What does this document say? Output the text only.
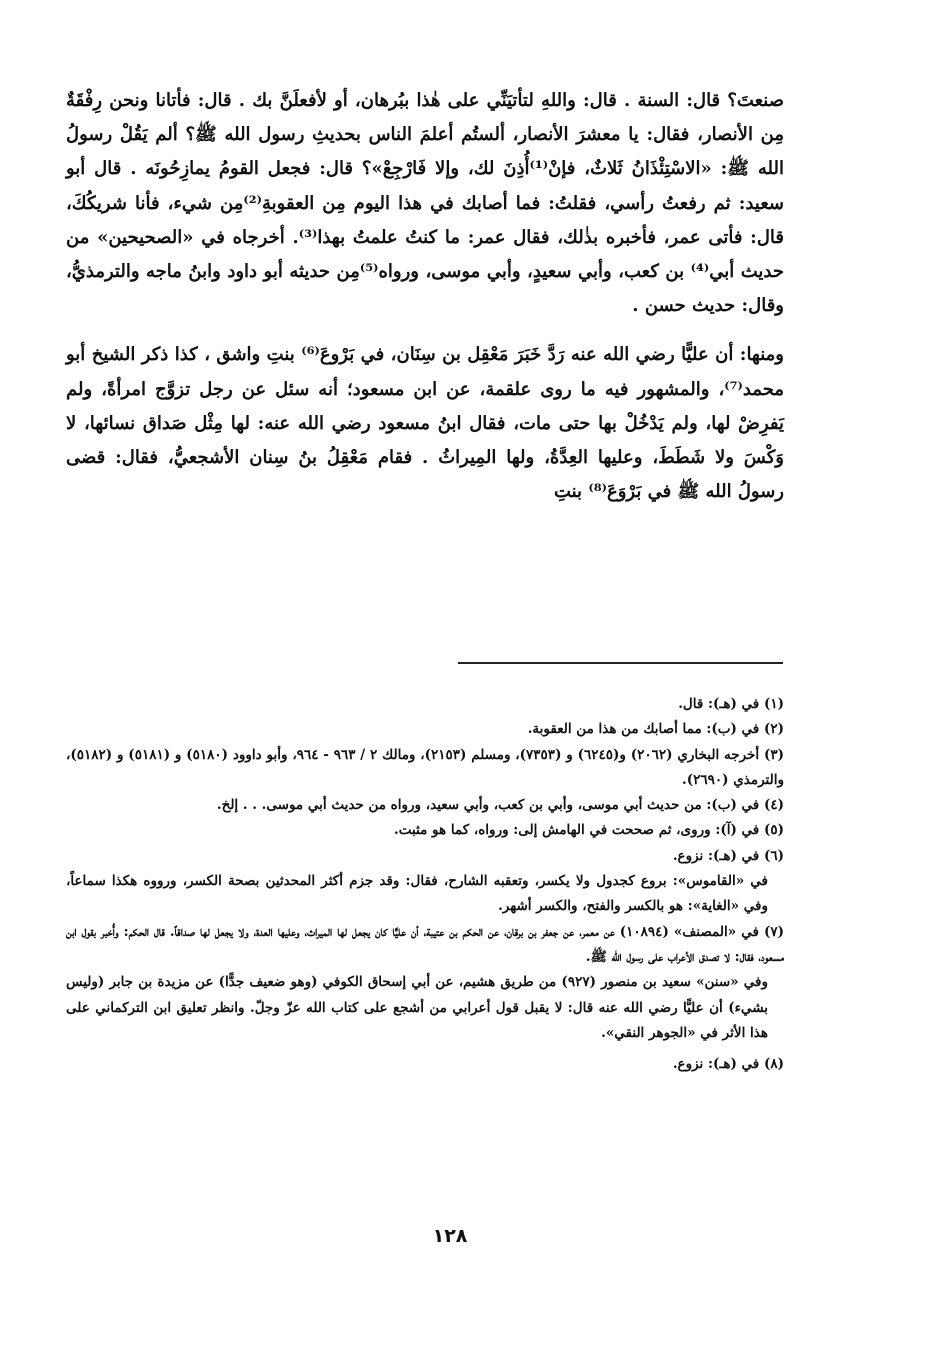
صنعتَ؟ قال: السنة . قال: واللهِ لتأتيَنِّي على هٰذا ببُرهان، أو لأفعلَنَّ بك . قال: فأتانا ونحن رِفْقَةٌ مِن الأنصار، فقال: يا معشرَ الأنصار، ألستُم أعلمَ الناس بحديثِ رسول الله ﷺ؟ ألم يَقُلْ رسولُ الله ﷺ: «الاسْتِئْذَانُ ثَلاثٌ، فإنْ⁽¹⁾أُذِنَ لك، وإلا فَارْجِعْ»؟ قال: فجعل القومُ يمازِحُونَه . قال أبو سعيد: ثم رفعتُ رأسي، فقلتُ: فما أصابك في هذا اليوم مِن العقوبةِ⁽²⁾مِن شيء، فأنا شريكُكَ، قال: فأتى عمر، فأخبره بذٰلك، فقال عمر: ما كنتُ علمتُ بهذا⁽³⁾. أخرجاه في «الصحيحين» من حديث أبي⁽⁴⁾ بن كعب، وأبي سعيدٍ، وأبي موسى، ورواه⁽⁵⁾مِن حديثه أبو داود وابنُ ماجه والترمذيُّ، وقال: حديث حسن .

ومنها: أن عليًّا رضي الله عنه رَدَّ خَبَرَ مَعْقِل بن سِنَان، في بَرْوعَ⁽⁶⁾ بنتِ واشق ، كذا ذكر الشيخ أبو محمد⁽⁷⁾، والمشهور فيه ما روى علقمة، عن ابن مسعود؛ أنه سئل عن رجل تزوَّج امرأةً، ولم يَفرِضْ لها، ولم يَدْخُلْ بها حتى مات، فقال ابنُ مسعود رضي الله عنه: لها مِثْل صَداق نسائها، لا وَكْسَ ولا شَطَطَ، وعليها العِدَّةُ، ولها المِيراثُ . فقام مَعْقِلُ بنُ سِنان الأشجعيُّ، فقال: قضى رسولُ الله ﷺ في بَرْوَعَ⁽⁸⁾ بنتِ

(١) في (هـ): قال.

(٢) في (ب): مما أصابك من هذا من العقوبة.

(٣) أخرجه البخاري (٢٠٦٢) و(٦٢٤٥) و (٧٣٥٣)، ومسلم (٢١٥٣)، ومالك ٢ / ٩٦٣ - ٩٦٤، وأبو داوود (٥١٨٠) و (٥١٨١) و (٥١٨٢)، والترمذي (٢٦٩٠).

(٤) في (ب): من حديث أبي موسى، وأبي بن كعب، وأبي سعيد، ورواه من حديث أبي موسى. . . إلخ.

(٥) في (آ): وروى، ثم صححت في الهامش إلى: ورواه، كما هو مثبت.

(٦) في (هـ): نزوع.

في «القاموس»: بروع كجدول ولا يكسر، وتعقبه الشارح، فقال: وقد جزم أكثر المحدثين بصحة الكسر، ورووه هكذا سماعاً، وفي «الغاية»: هو بالكسر والفتح، والكسر أشهر.

(٧) في «المصنف» (١٠٨٩٤) عن معمر، عن جعفر بن برقان، عن الحكم بن عتيبة، أن عليًّا كان يجعل لها الميراث، وعليها العدة، ولا يجعل لها صداقاً. قال الحكم: وأُخبر بقول ابن مسعود، فقال: لا تصدق الأعراب على رسول الله ﷺ.

وفي «سنن» سعيد بن منصور (٩٢٧) من طريق هشيم، عن أبي إسحاق الكوفي (وهو ضعيف جدًّا) عن مزيدة بن جابر (وليس بشيء) أن عليًّا رضي الله عنه قال: لا يقبل قول أعرابي من أشجع على كتاب الله عزّ وجلّ. وانظر تعليق ابن التركماني على هذا الأثر في «الجوهر النقي».

(٨) في (هـ): نزوع.

١٢٨
